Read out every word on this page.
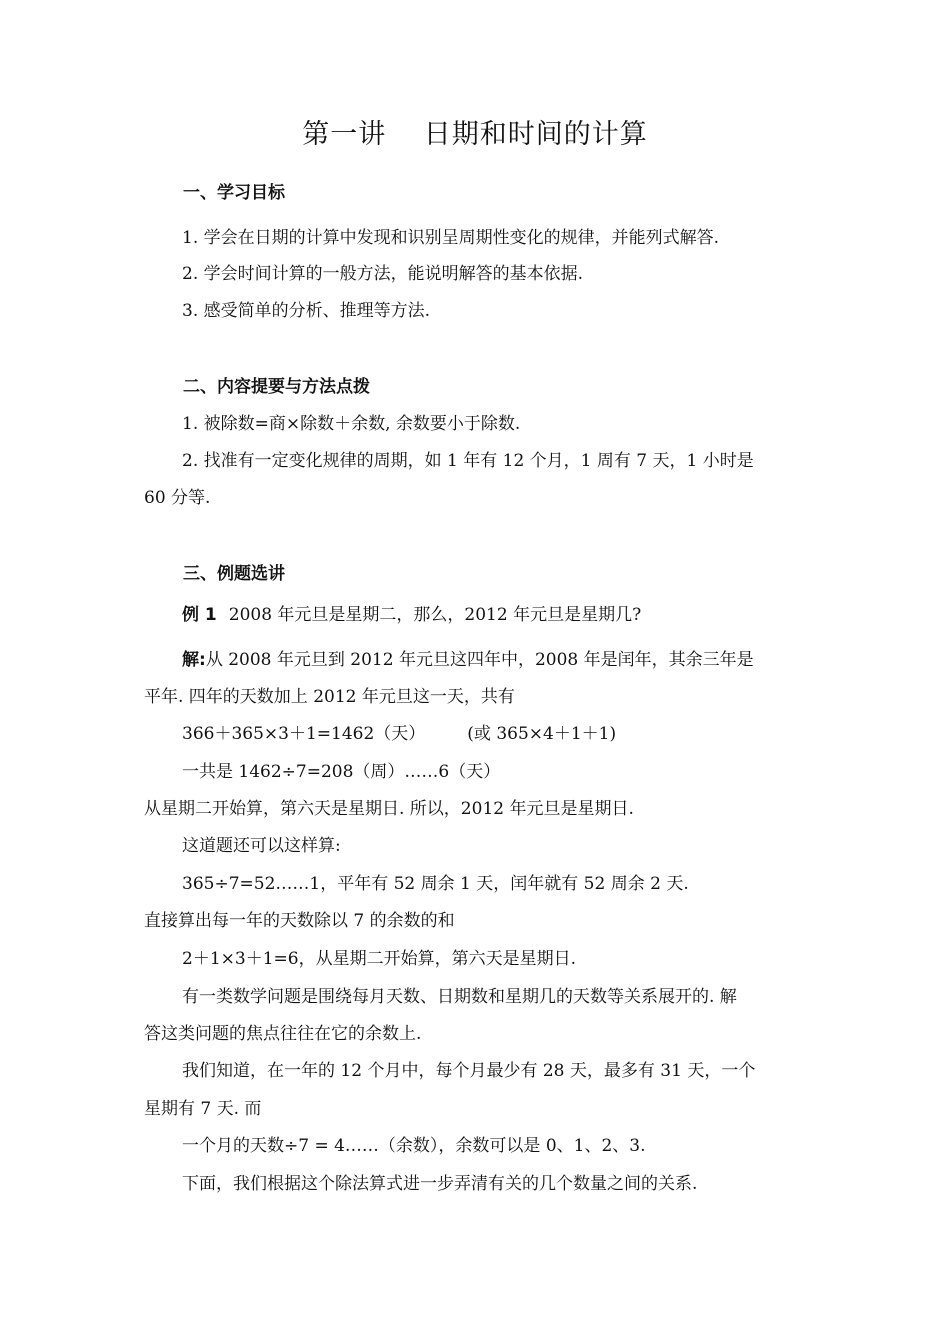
第一讲　 日期和时间的计算
一、学习目标
1. 学会在日期的计算中发现和识别呈周期性变化的规律，并能列式解答.
2. 学会时间计算的一般方法，能说明解答的基本依据.
3. 感受简单的分析、推理等方法.
二、内容提要与方法点拨
1. 被除数=商×除数＋余数, 余数要小于除数.
2. 找准有一定变化规律的周期，如 1 年有 12 个月，1 周有 7 天，1 小时是
60 分等.
三、例题选讲
例 1 2008 年元旦是星期二，那么，2012 年元旦是星期几?
解:从 2008 年元旦到 2012 年元旦这四年中，2008 年是闰年，其余三年是
平年. 四年的天数加上 2012 年元旦这一天，共有
366＋365×3＋1=1462（天） (或 365×4＋1＋1)
一共是 1462÷7=208（周）……6（天）
从星期二开始算，第六天是星期日. 所以，2012 年元旦是星期日.
这道题还可以这样算:
365÷7=52……1，平年有 52 周余 1 天，闰年就有 52 周余 2 天.
直接算出每一年的天数除以 7 的余数的和
2＋1×3＋1=6，从星期二开始算，第六天是星期日.
有一类数学问题是围绕每月天数、日期数和星期几的天数等关系展开的. 解
答这类问题的焦点往往在它的余数上.
我们知道，在一年的 12 个月中，每个月最少有 28 天，最多有 31 天，一个
星期有 7 天. 而
一个月的天数÷7 = 4……（余数），余数可以是 0、1、2、3.
下面，我们根据这个除法算式进一步弄清有关的几个数量之间的关系.
